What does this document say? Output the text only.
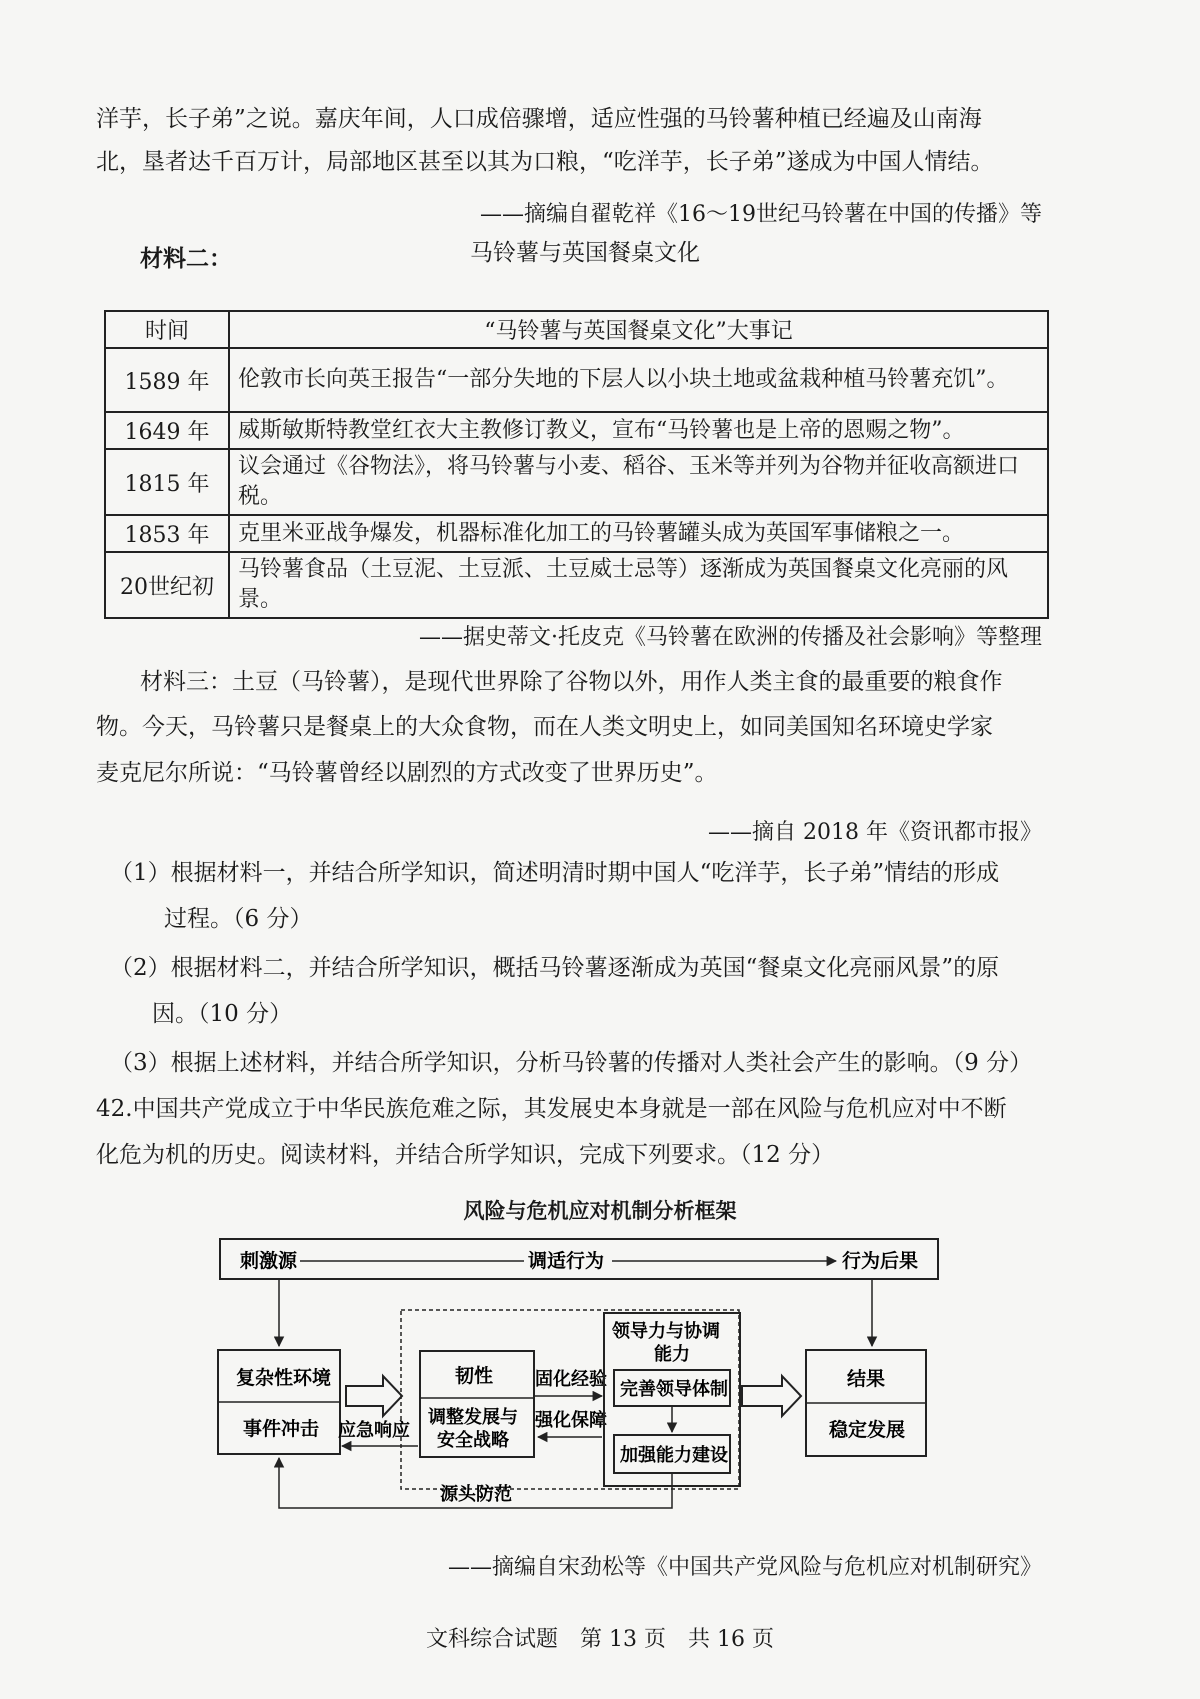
洋芋，长子弟”之说。嘉庆年间，人口成倍骤增，适应性强的马铃薯种植已经遍及山南海
北，垦者达千百万计，局部地区甚至以其为口粮，“吃洋芋，长子弟”遂成为中国人情结。
——摘编自翟乾祥《16～19世纪马铃薯在中国的传播》等
材料二：	马铃薯与英国餐桌文化
时间	“马铃薯与英国餐桌文化”大事记
1589 年	伦敦市长向英王报告“一部分失地的下层人以小块土地或盆栽种植马铃薯充饥”。
1649 年	威斯敏斯特教堂红衣大主教修订教义，宣布“马铃薯也是上帝的恩赐之物”。
1815 年	议会通过《谷物法》，将马铃薯与小麦、稻谷、玉米等并列为谷物并征收高额进口税。
1853 年	克里米亚战争爆发，机器标准化加工的马铃薯罐头成为英国军事储粮之一。
20世纪初	马铃薯食品（土豆泥、土豆派、土豆威士忌等）逐渐成为英国餐桌文化亮丽的风景。
——据史蒂文·托皮克《马铃薯在欧洲的传播及社会影响》等整理
材料三：土豆（马铃薯），是现代世界除了谷物以外，用作人类主食的最重要的粮食作
物。今天，马铃薯只是餐桌上的大众食物，而在人类文明史上，如同美国知名环境史学家
麦克尼尔所说：“马铃薯曾经以剧烈的方式改变了世界历史”。
——摘自 2018 年《资讯都市报》
（1）根据材料一，并结合所学知识，简述明清时期中国人“吃洋芋，长子弟”情结的形成
过程。（6 分）
（2）根据材料二，并结合所学知识，概括马铃薯逐渐成为英国“餐桌文化亮丽风景”的原
因。（10 分）
（3）根据上述材料，并结合所学知识，分析马铃薯的传播对人类社会产生的影响。（9 分）
42.中国共产党成立于中华民族危难之际，其发展史本身就是一部在风险与危机应对中不断
化危为机的历史。阅读材料，并结合所学知识，完成下列要求。（12 分）
风险与危机应对机制分析框架
刺激源	调适行为	行为后果
复杂性环境
事件冲击
韧性
调整发展与
安全战略
固化经验
强化保障
领导力与协调
能力
完善领导体制
加强能力建设
结果
稳定发展
应急响应
源头防范
——摘编自宋劲松等《中国共产党风险与危机应对机制研究》
文科综合试题　第 13 页　共 16 页
